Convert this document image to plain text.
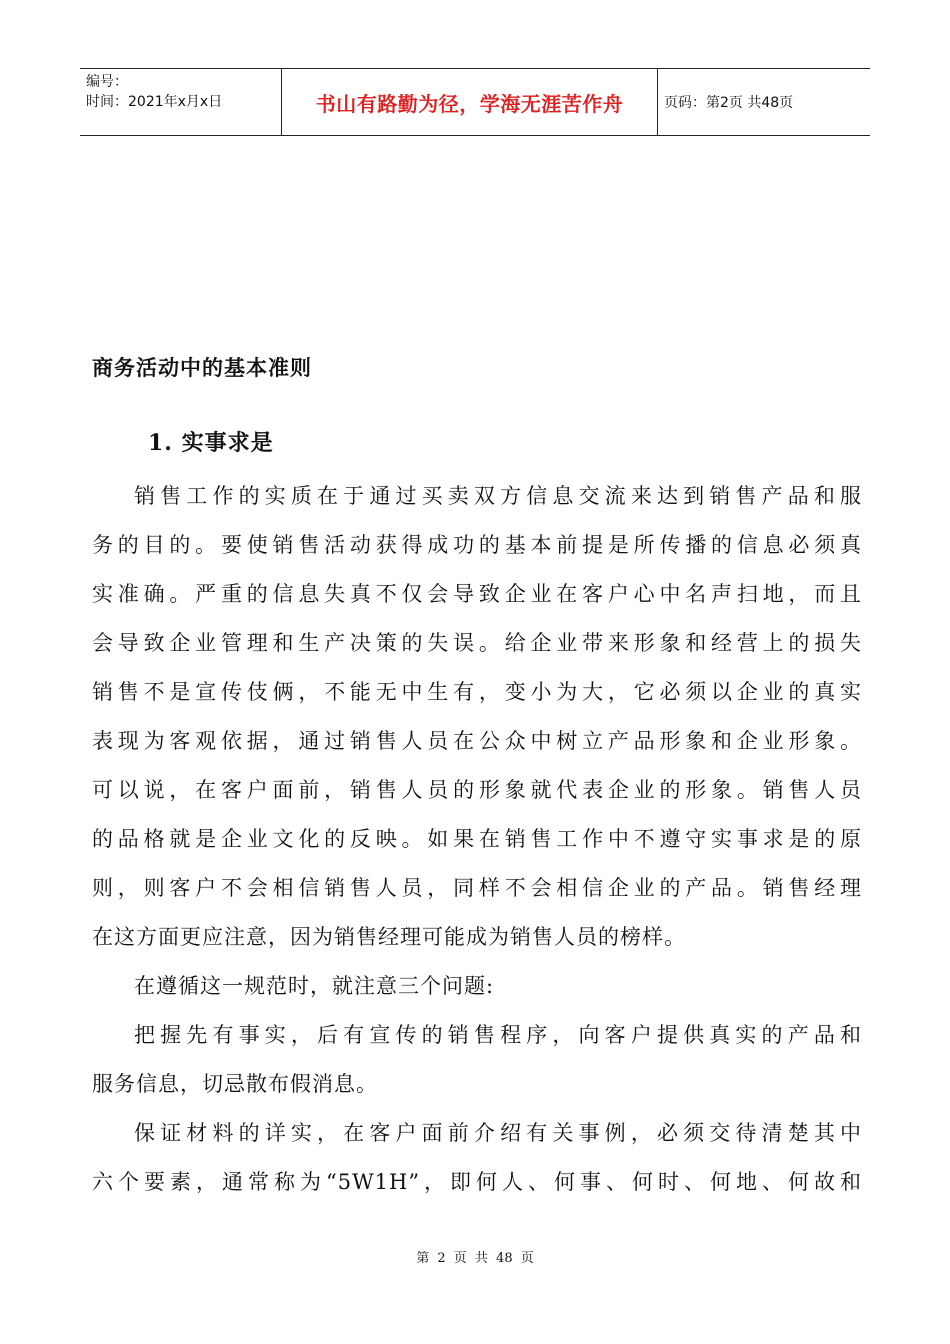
编号：
时间：2021年x月x日	书山有路勤为径，学海无涯苦作舟	页码：第2页 共48页
商务活动中的基本准则
1. 实事求是
销售工作的实质在于通过买卖双方信息交流来达到销售产品和服
务的目的。要使销售活动获得成功的基本前提是所传播的信息必须真
实准确。严重的信息失真不仅会导致企业在客户心中名声扫地，而且
会导致企业管理和生产决策的失误。给企业带来形象和经营上的损失
销售不是宣传伎俩，不能无中生有，变小为大，它必须以企业的真实
表现为客观依据，通过销售人员在公众中树立产品形象和企业形象。
可以说，在客户面前，销售人员的形象就代表企业的形象。销售人员
的品格就是企业文化的反映。如果在销售工作中不遵守实事求是的原
则，则客户不会相信销售人员，同样不会相信企业的产品。销售经理
在这方面更应注意，因为销售经理可能成为销售人员的榜样。
在遵循这一规范时，就注意三个问题:
把握先有事实，后有宣传的销售程序，向客户提供真实的产品和
服务信息，切忌散布假消息。
保证材料的详实，在客户面前介绍有关事例，必须交待清楚其中
六个要素，通常称为“5W1H”，即何人、何事、何时、何地、何故和
第 2 页 共 48 页
